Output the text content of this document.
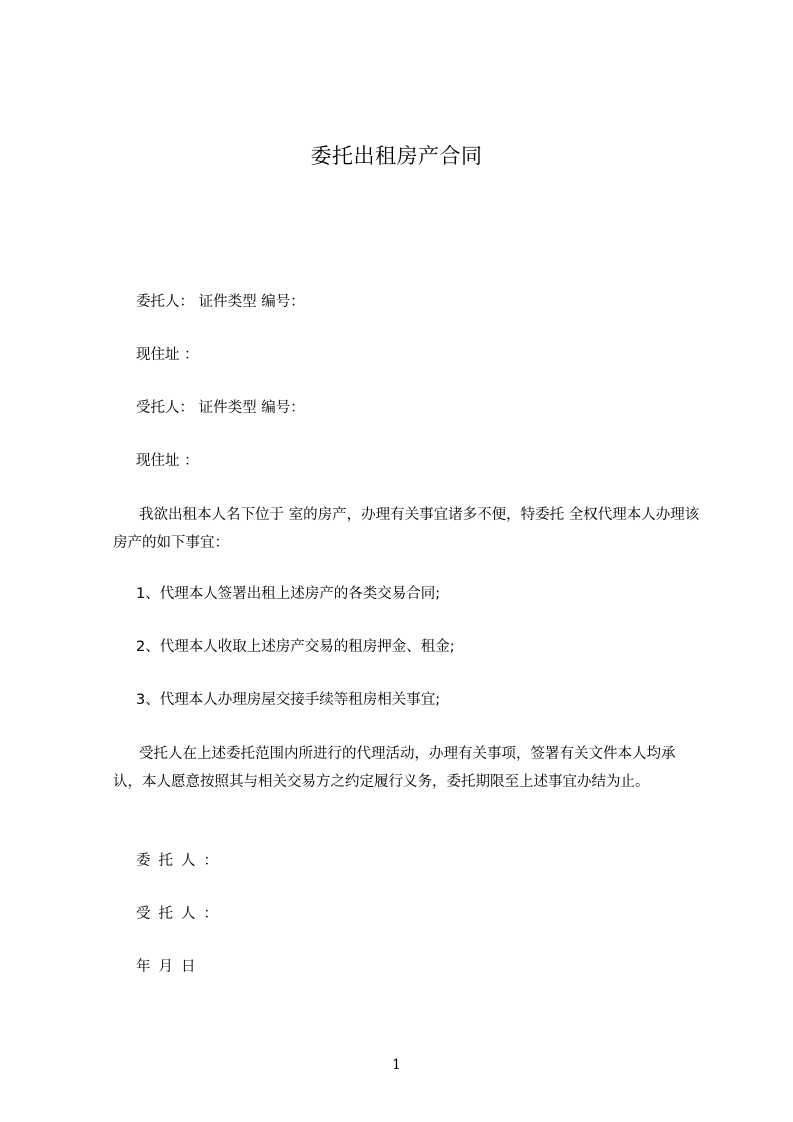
委托出租房产合同
委托人： 证件类型 编号：
现住址 ：
受托人： 证件类型 编号：
现住址 ：
我欲出租本人名下位于 室的房产，办理有关事宜诸多不便，特委托 全权代理本人办理该房产的如下事宜：
1、代理本人签署出租上述房产的各类交易合同;
2、代理本人收取上述房产交易的租房押金、租金;
3、代理本人办理房屋交接手续等租房相关事宜;
受托人在上述委托范围内所进行的代理活动，办理有关事项，签署有关文件本人均承认，本人愿意按照其与相关交易方之约定履行义务，委托期限至上述事宜办结为止。
委托人：
受托人：
年月日
1
